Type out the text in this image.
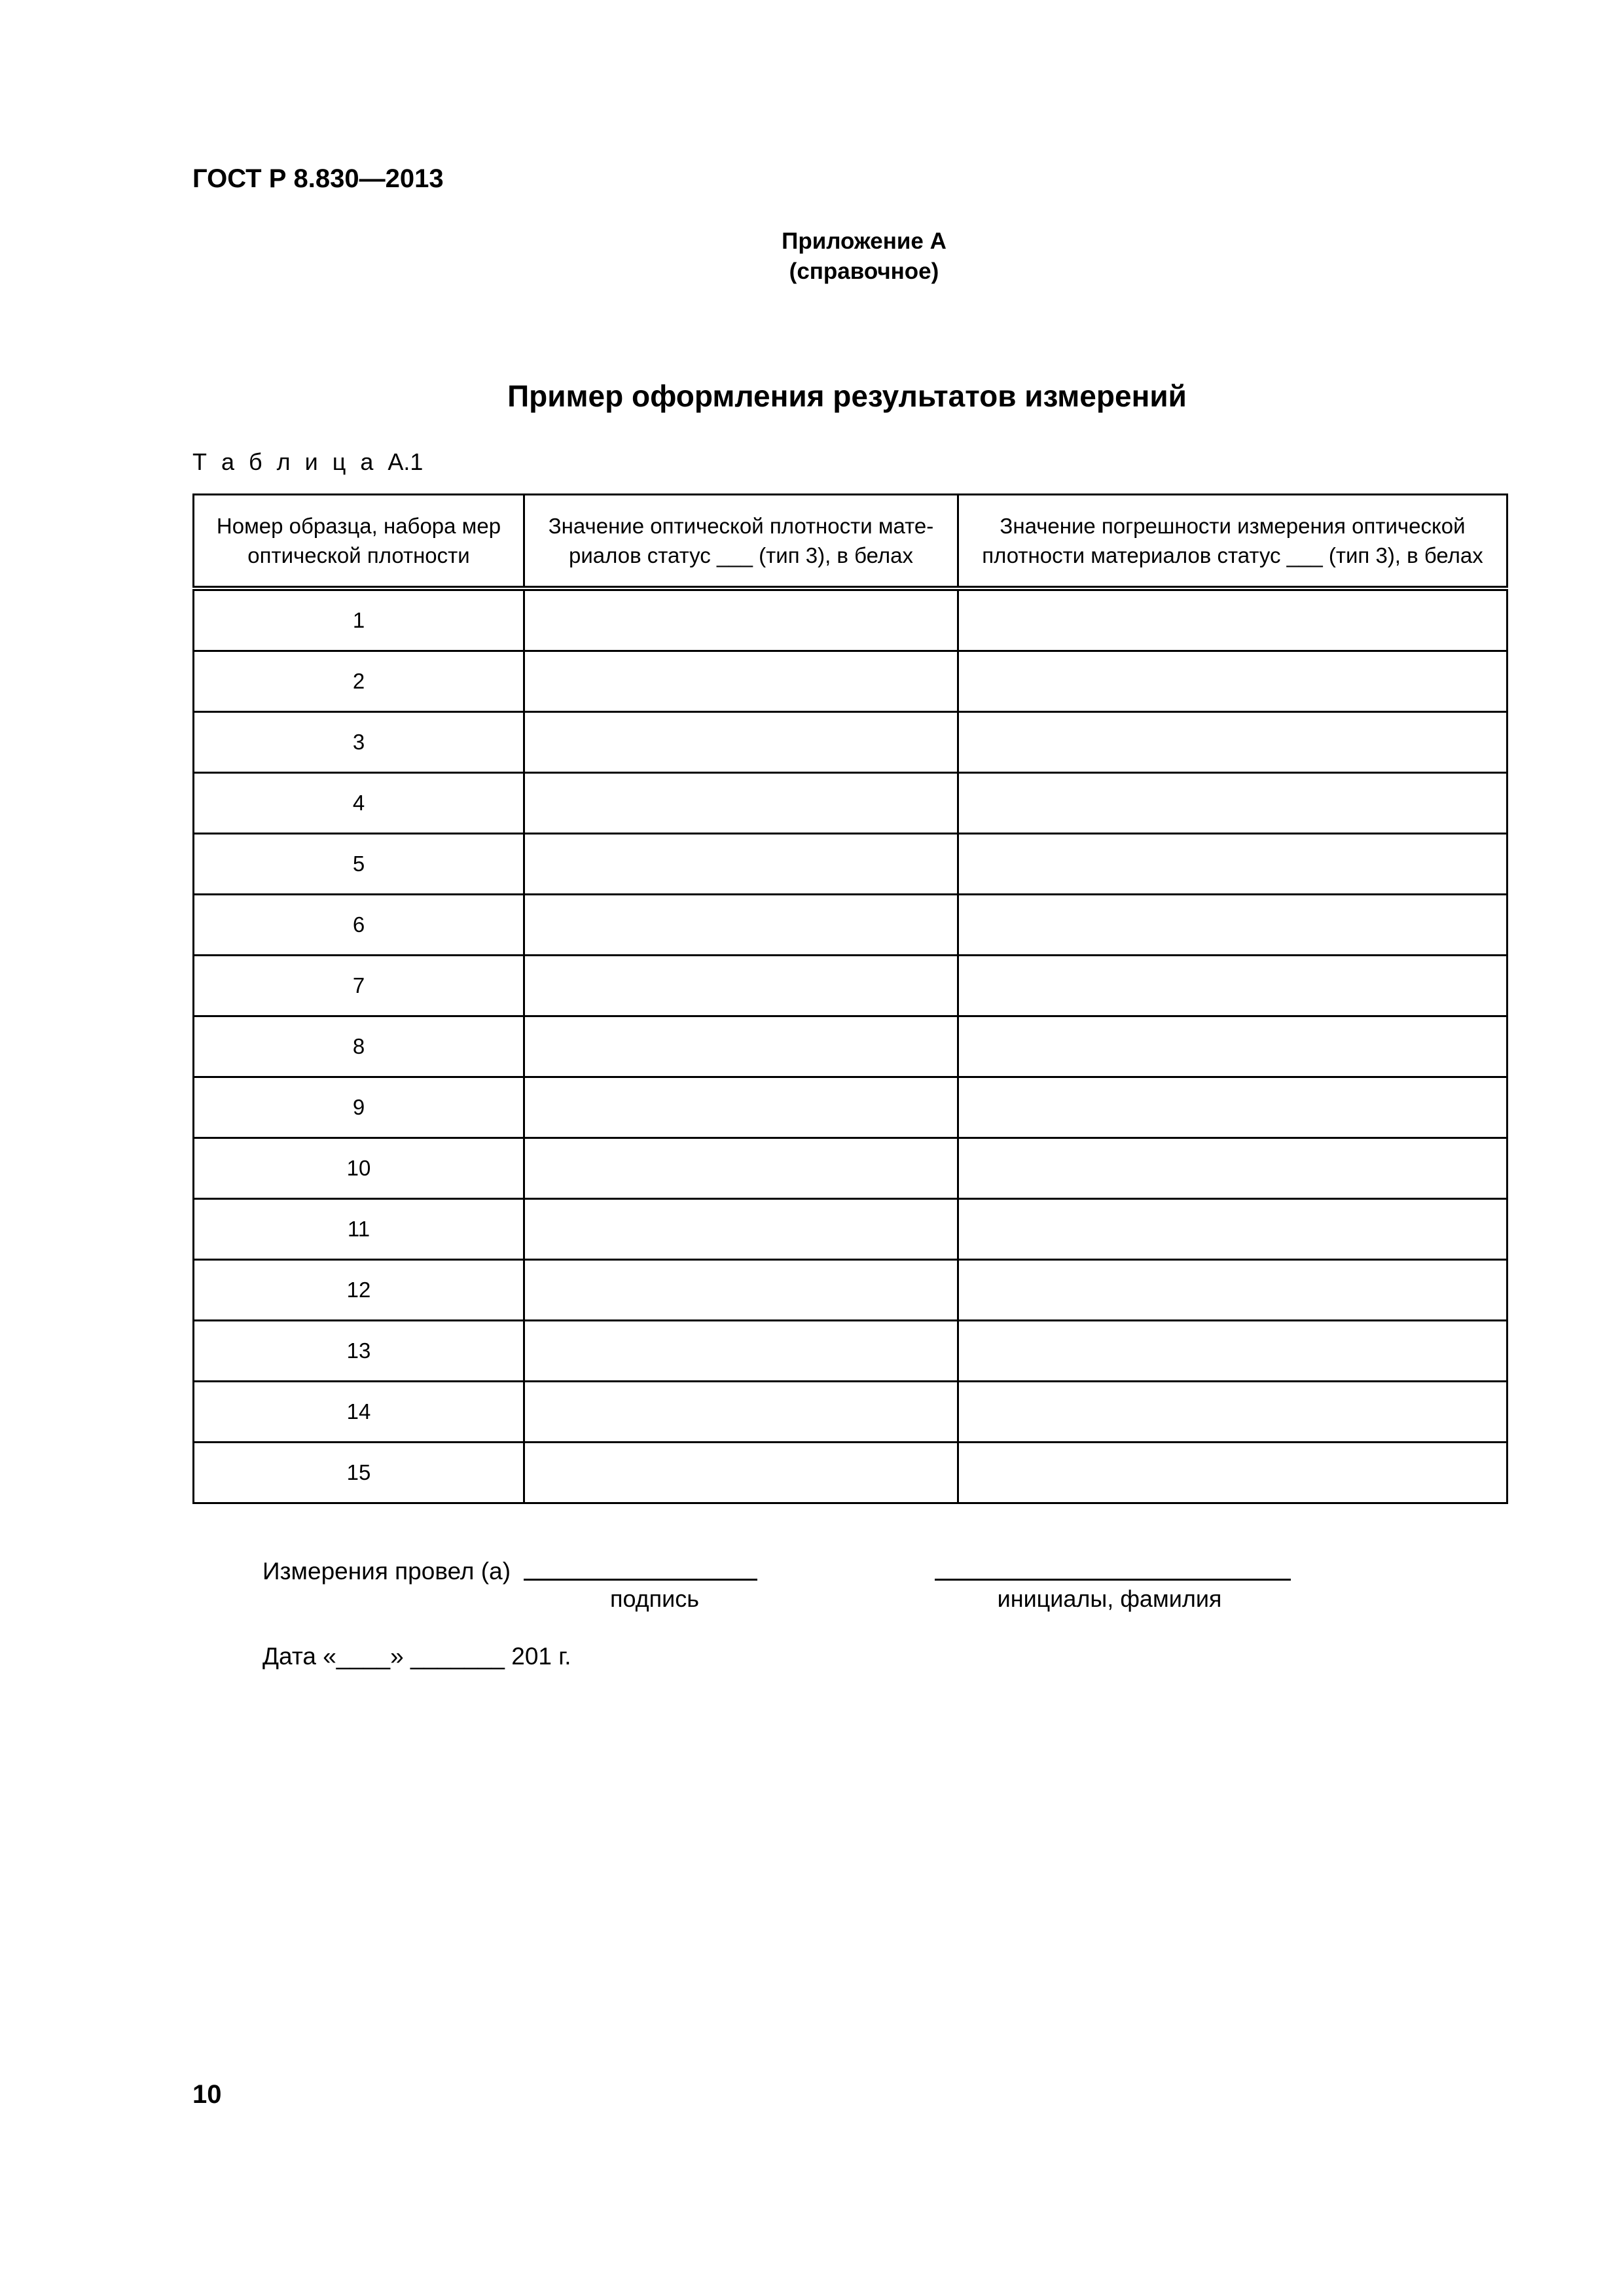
ГОСТ Р 8.830—2013
Приложение А
(справочное)
Пример оформления результатов измерений
Т а б л и ц а А.1
Номер образца, набора мер оптической плотности	Значение оптической плотности мате-риалов статус ___ (тип 3), в белах	Значение погрешности измерения оптической плотности материалов статус ___ (тип 3), в белах
1		
2		
3		
4		
5		
6		
7		
8		
9		
10		
11		
12		
13		
14		
15		
Измерения провел (а)
подпись	инициалы, фамилия
Дата «____» _______ 201 г.
10
